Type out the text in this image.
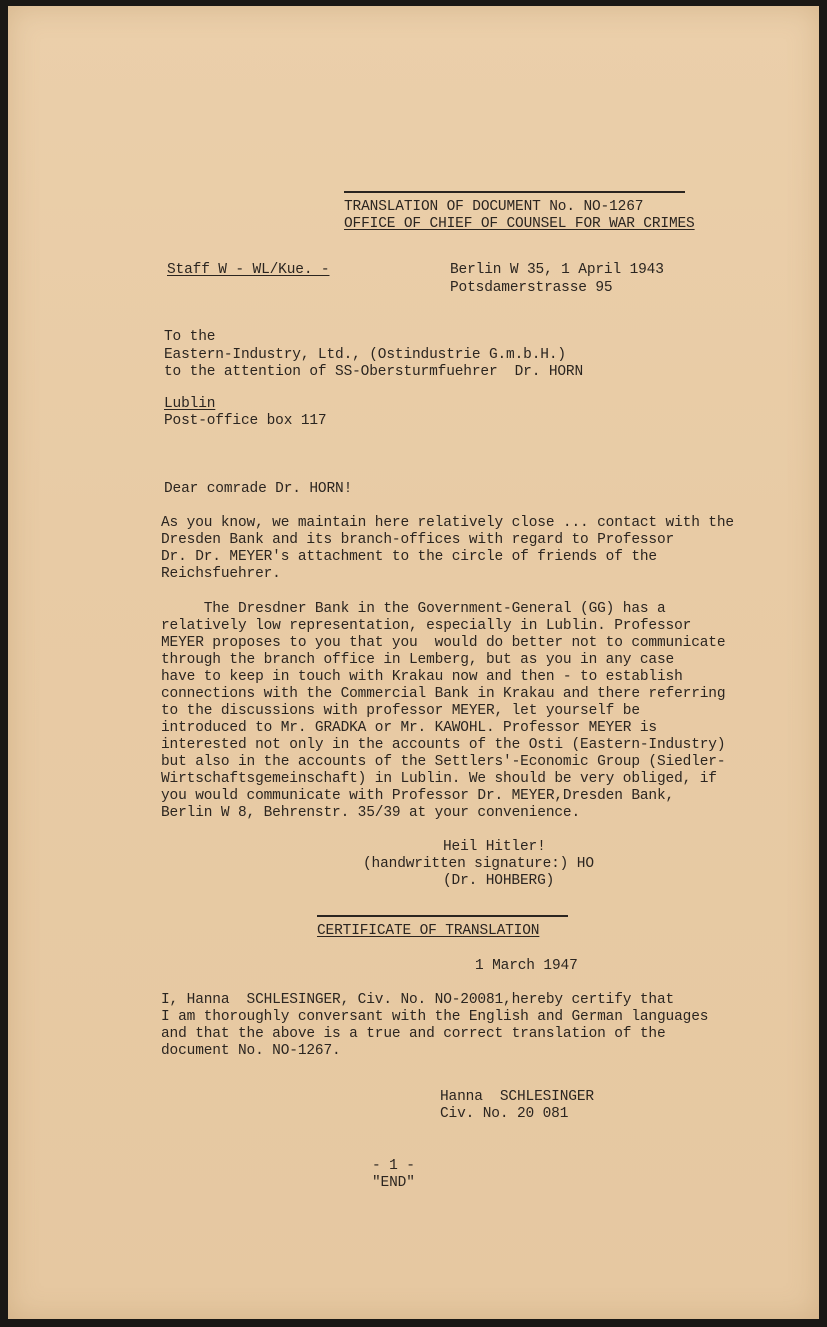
TRANSLATION OF DOCUMENT No. NO-1267
OFFICE OF CHIEF OF COUNSEL FOR WAR CRIMES
Staff W - WL/Kue. -	Berlin W 35, 1 April 1943
Potsdamerstrasse 95
To the
Eastern-Industry, Ltd., (Ostindustrie G.m.b.H.)
to the attention of SS-Obersturmfuehrer  Dr. HORN
Lublin
Post-office box 117
Dear comrade Dr. HORN!
As you know, we maintain here relatively close ... contact with the
Dresden Bank and its branch-offices with regard to Professor
Dr. Dr. MEYER's attachment to the circle of friends of the
Reichsfuehrer.
The Dresdner Bank in the Government-General (GG) has a
relatively low representation, especially in Lublin. Professor
MEYER proposes to you that you  would do better not to communicate
through the branch office in Lemberg, but as you in any case
have to keep in touch with Krakau now and then - to establish
connections with the Commercial Bank in Krakau and there referring
to the discussions with professor MEYER, let yourself be
introduced to Mr. GRADKA or Mr. KAWOHL. Professor MEYER is
interested not only in the accounts of the Osti (Eastern-Industry)
but also in the accounts of the Settlers'-Economic Group (Siedler-
Wirtschaftsgemeinschaft) in Lublin. We should be very obliged, if
you would communicate with Professor Dr. MEYER,Dresden Bank,
Berlin W 8, Behrenstr. 35/39 at your convenience.
Heil Hitler!
(handwritten signature:) HO
(Dr. HOHBERG)
CERTIFICATE OF TRANSLATION
1 March 1947
I, Hanna  SCHLESINGER, Civ. No. NO-20081,hereby certify that
I am thoroughly conversant with the English and German languages
and that the above is a true and correct translation of the
document No. NO-1267.
Hanna  SCHLESINGER
Civ. No. 20 081
- 1 -
"END"
